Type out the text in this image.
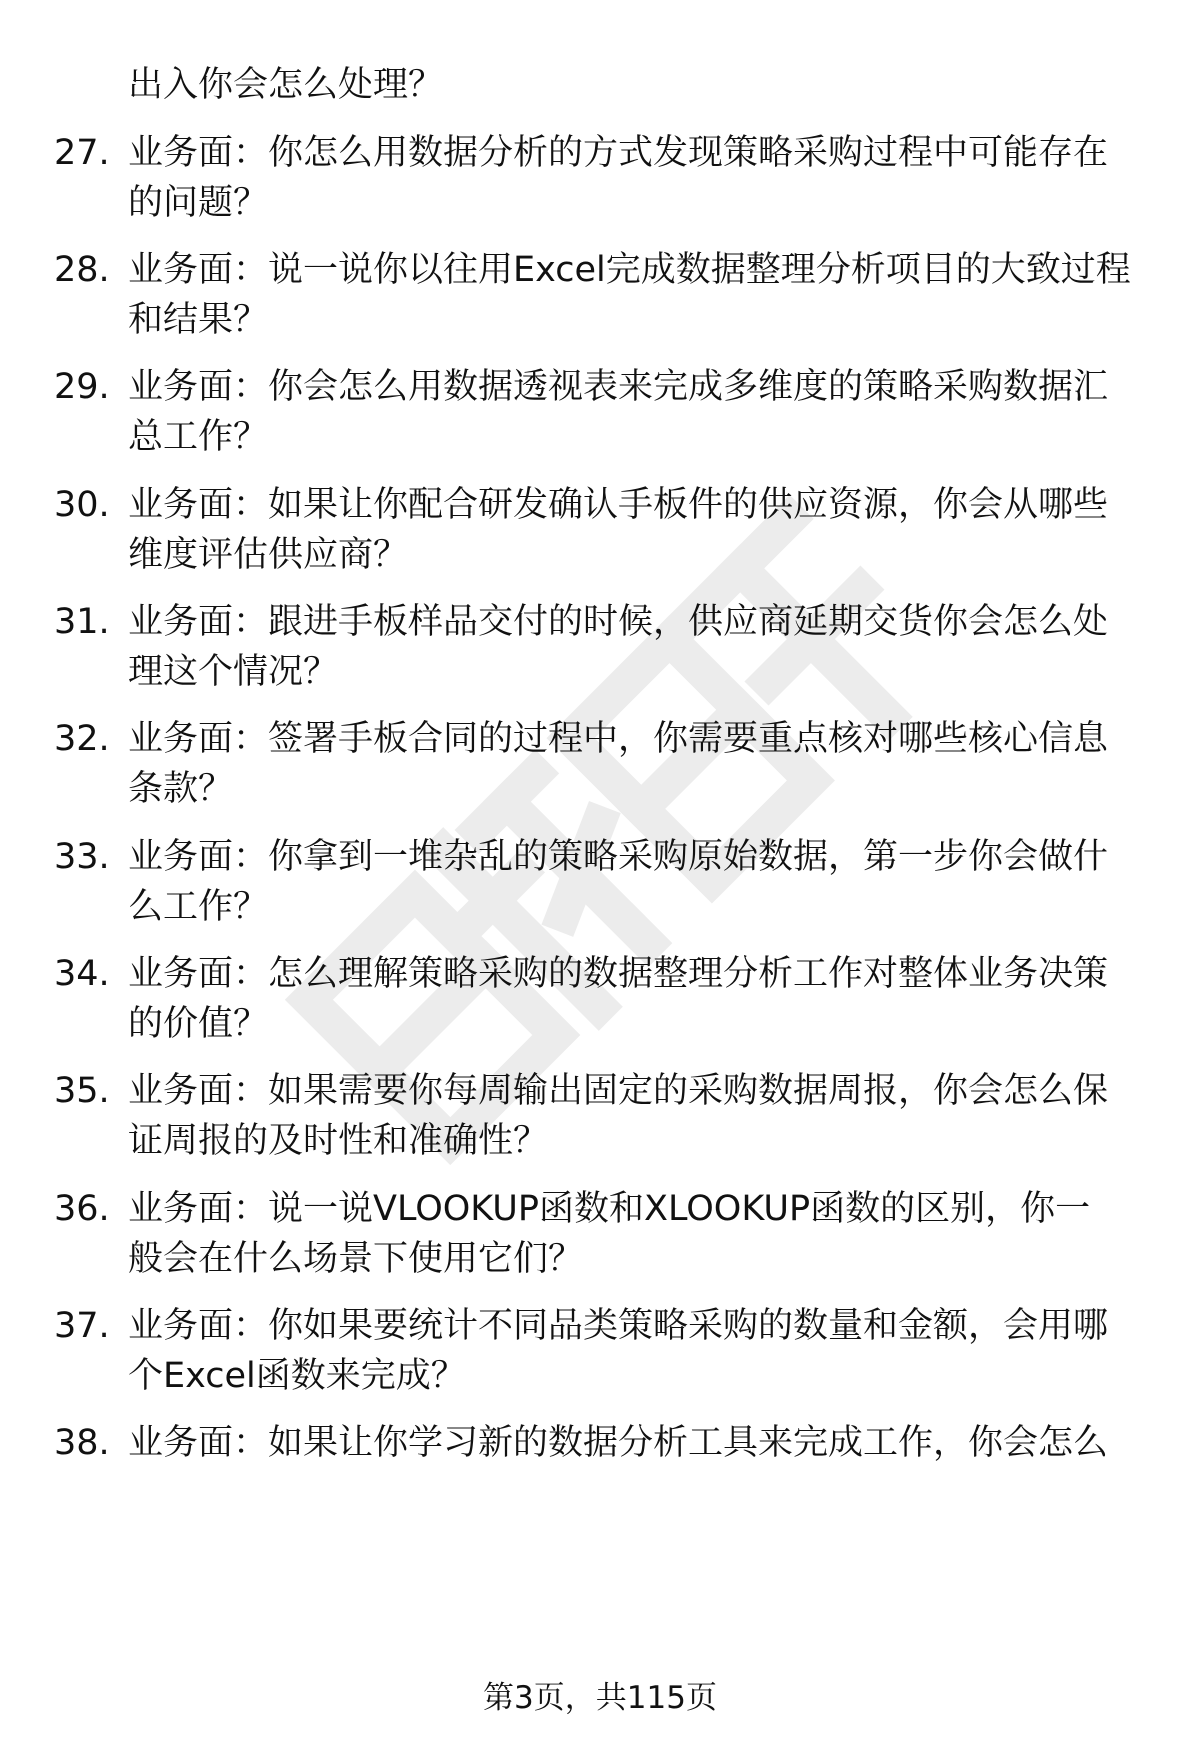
出入你会怎么处理？
27. 业务面：你怎么用数据分析的方式发现策略采购过程中可能存在
的问题？
28. 业务面：说一说你以往用Excel完成数据整理分析项目的大致过程
和结果？
29. 业务面：你会怎么用数据透视表来完成多维度的策略采购数据汇
总工作？
30. 业务面：如果让你配合研发确认手板件的供应资源，你会从哪些
维度评估供应商？
31. 业务面：跟进手板样品交付的时候，供应商延期交货你会怎么处
理这个情况？
32. 业务面：签署手板合同的过程中，你需要重点核对哪些核心信息
条款？
33. 业务面：你拿到一堆杂乱的策略采购原始数据，第一步你会做什
么工作？
34. 业务面：怎么理解策略采购的数据整理分析工作对整体业务决策
的价值？
35. 业务面：如果需要你每周输出固定的采购数据周报，你会怎么保
证周报的及时性和准确性？
36. 业务面：说一说VLOOKUP函数和XLOOKUP函数的区别，你一
般会在什么场景下使用它们？
37. 业务面：你如果要统计不同品类策略采购的数量和金额，会用哪
个Excel函数来完成？
38. 业务面：如果让你学习新的数据分析工具来完成工作，你会怎么
第3页，共115页
